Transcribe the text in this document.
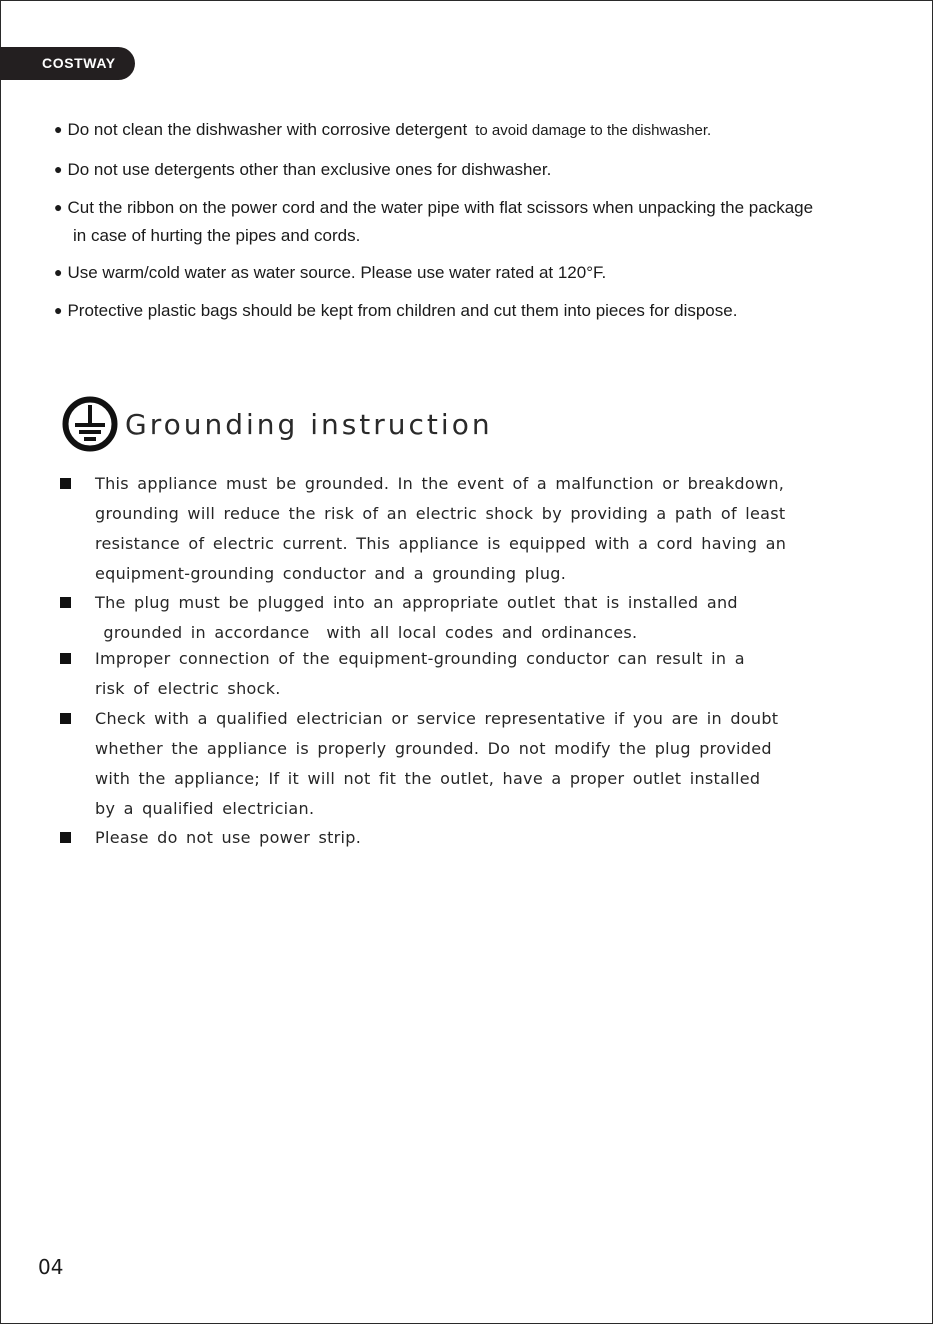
COSTWAY
● Do not clean the dishwasher with corrosive detergent to avoid damage to the dishwasher.
● Do not use detergents other than exclusive ones for dishwasher.
● Cut the ribbon on the power cord and the water pipe with flat scissors when unpacking the package
in case of hurting the pipes and cords.
● Use warm/cold water as water source. Please use water rated at 120°F.
● Protective plastic bags should be kept from children and cut them into pieces for dispose.
Grounding instruction
This appliance must be grounded. In the event of a malfunction or breakdown,
grounding will reduce the risk of an electric shock by providing a path of least
resistance of electric current. This appliance is equipped with a cord having an
equipment-grounding conductor and a grounding plug.
The plug must be plugged into an appropriate outlet that is installed and
grounded in accordance  with all local codes and ordinances.
Improper connection of the equipment-grounding conductor can result in a
risk of electric shock.
Check with a qualified electrician or service representative if you are in doubt
whether the appliance is properly grounded. Do not modify the plug provided
with the appliance; If it will not fit the outlet, have a proper outlet installed
by a qualified electrician.
Please do not use power strip.
04
